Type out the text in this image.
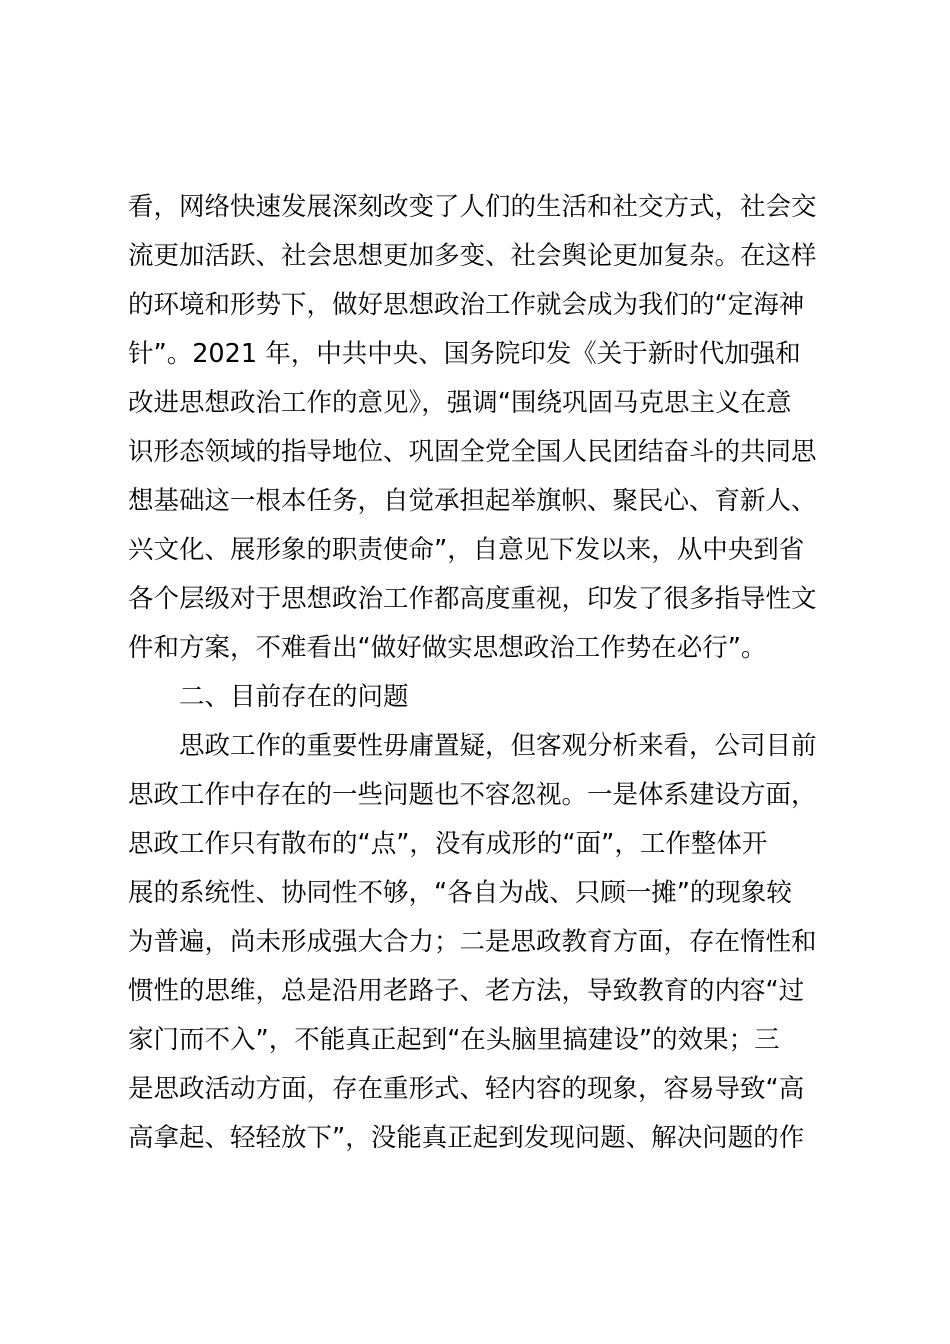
看，网络快速发展深刻改变了人们的生活和社交方式，社会交
流更加活跃、社会思想更加多变、社会舆论更加复杂。在这样
的环境和形势下，做好思想政治工作就会成为我们的“定海神
针”。2021 年，中共中央、国务院印发《关于新时代加强和
改进思想政治工作的意见》，强调“围绕巩固马克思主义在意
识形态领域的指导地位、巩固全党全国人民团结奋斗的共同思
想基础这一根本任务，自觉承担起举旗帜、聚民心、育新人、
兴文化、展形象的职责使命”，自意见下发以来，从中央到省
各个层级对于思想政治工作都高度重视，印发了很多指导性文
件和方案，不难看出“做好做实思想政治工作势在必行”。
二、目前存在的问题
思政工作的重要性毋庸置疑，但客观分析来看，公司目前
思政工作中存在的一些问题也不容忽视。一是体系建设方面，
思政工作只有散布的“点”，没有成形的“面”，工作整体开
展的系统性、协同性不够，“各自为战、只顾一摊”的现象较
为普遍，尚未形成强大合力；二是思政教育方面，存在惰性和
惯性的思维，总是沿用老路子、老方法，导致教育的内容“过
家门而不入”，不能真正起到“在头脑里搞建设”的效果；三
是思政活动方面，存在重形式、轻内容的现象，容易导致“高
高拿起、轻轻放下”，没能真正起到发现问题、解决问题的作
